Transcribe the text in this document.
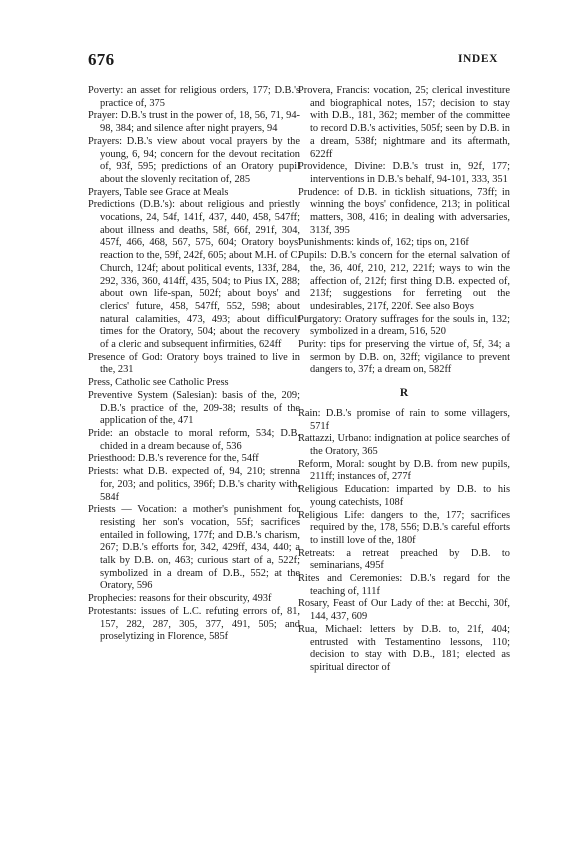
676	INDEX

Poverty: an asset for religious orders, 177; D.B.'s practice of, 375

Prayer: D.B.'s trust in the power of, 18, 56, 71, 94-98, 384; and silence after night prayers, 94

Prayers: D.B.'s view about vocal prayers by the young, 6, 94; concern for the devout recitation of, 93f, 595; predictions of an Oratory pupil about the slovenly recitation of, 285

Prayers, Table see Grace at Meals

Predictions (D.B.'s): about religious and priestly vocations, 24, 54f, 141f, 437, 440, 458, 547ff; about illness and deaths, 58f, 66f, 291f, 304, 457f, 466, 468, 567, 575, 604; Oratory boys' reaction to the, 59f, 242f, 605; about M.H. of C. Church, 124f; about political events, 133f, 284, 292, 336, 360, 414ff, 435, 504; to Pius IX, 288; about own life-span, 502f; about boys' and clerics' future, 458, 547ff, 552, 598; about natural calamities, 473, 493; about difficult times for the Oratory, 504; about the recovery of a cleric and subsequent infirmities, 624ff

Presence of God: Oratory boys trained to live in the, 231

Press, Catholic see Catholic Press

Preventive System (Salesian): basis of the, 209; D.B.'s practice of the, 209-38; results of the application of the, 471

Pride: an obstacle to moral reform, 534; D.B. chided in a dream because of, 536

Priesthood: D.B.'s reverence for the, 54ff

Priests: what D.B. expected of, 94, 210; strenna for, 203; and politics, 396f; D.B.'s charity with, 584f

Priests — Vocation: a mother's punishment for resisting her son's vocation, 55f; sacrifices entailed in following, 177f; and D.B.'s charism, 267; D.B.'s efforts for, 342, 429ff, 434, 440; a talk by D.B. on, 463; curious start of a, 522f; symbolized in a dream of D.B., 552; at the Oratory, 596

Prophecies: reasons for their obscurity, 493f

Protestants: issues of L.C. refuting errors of, 81, 157, 282, 287, 305, 377, 491, 505; and proselytizing in Florence, 585f

Provera, Francis: vocation, 25; clerical investiture and biographical notes, 157; decision to stay with D.B., 181, 362; member of the committee to record D.B.'s activities, 505f; seen by D.B. in a dream, 538f; nightmare and its aftermath, 622ff

Providence, Divine: D.B.'s trust in, 92f, 177; interventions in D.B.'s behalf, 94-101, 333, 351

Prudence: of D.B. in ticklish situations, 73ff; in winning the boys' confidence, 213; in political matters, 308, 416; in dealing with adversaries, 313f, 395

Punishments: kinds of, 162; tips on, 216f

Pupils: D.B.'s concern for the eternal salvation of the, 36, 40f, 210, 212, 221f; ways to win the affection of, 212f; first thing D.B. expected of, 213f; suggestions for ferreting out the undesirables, 217f, 220f. See also Boys

Purgatory: Oratory suffrages for the souls in, 132; symbolized in a dream, 516, 520

Purity: tips for preserving the virtue of, 5f, 34; a sermon by D.B. on, 32ff; vigilance to prevent dangers to, 37f; a dream on, 582ff

R

Rain: D.B.'s promise of rain to some villagers, 571f

Rattazzi, Urbano: indignation at police searches of the Oratory, 365

Reform, Moral: sought by D.B. from new pupils, 211ff; instances of, 277f

Religious Education: imparted by D.B. to his young catechists, 108f

Religious Life: dangers to the, 177; sacrifices required by the, 178, 556; D.B.'s careful efforts to instill love of the, 180f

Retreats: a retreat preached by D.B. to seminarians, 495f

Rites and Ceremonies: D.B.'s regard for the teaching of, 111f

Rosary, Feast of Our Lady of the: at Becchi, 30f, 144, 437, 609

Rua, Michael: letters by D.B. to, 21f, 404; entrusted with Testamentino lessons, 110; decision to stay with D.B., 181; elected as spiritual director of
